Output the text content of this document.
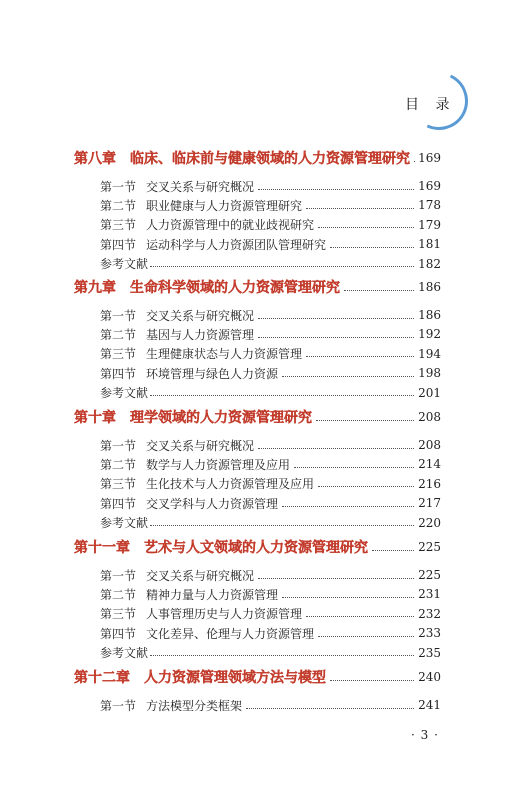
目 录
第八章 临床、临床前与健康领域的人力资源管理研究 169
第一节 交叉关系与研究概况	169
第二节 职业健康与人力资源管理研究	178
第三节 人力资源管理中的就业歧视研究	179
第四节 运动科学与人力资源团队管理研究	181
参考文献	182
第九章 生命科学领域的人力资源管理研究	186
第一节 交叉关系与研究概况	186
第二节 基因与人力资源管理	192
第三节 生理健康状态与人力资源管理	194
第四节 环境管理与绿色人力资源	198
参考文献	201
第十章 理学领域的人力资源管理研究	208
第一节 交叉关系与研究概况	208
第二节 数学与人力资源管理及应用	214
第三节 生化技术与人力资源管理及应用	216
第四节 交叉学科与人力资源管理	217
参考文献	220
第十一章 艺术与人文领域的人力资源管理研究	225
第一节 交叉关系与研究概况	225
第二节 精神力量与人力资源管理	231
第三节 人事管理历史与人力资源管理	232
第四节 文化差异、伦理与人力资源管理	233
参考文献	235
第十二章 人力资源管理领域方法与模型	240
第一节 方法模型分类框架	241
· 3 ·
